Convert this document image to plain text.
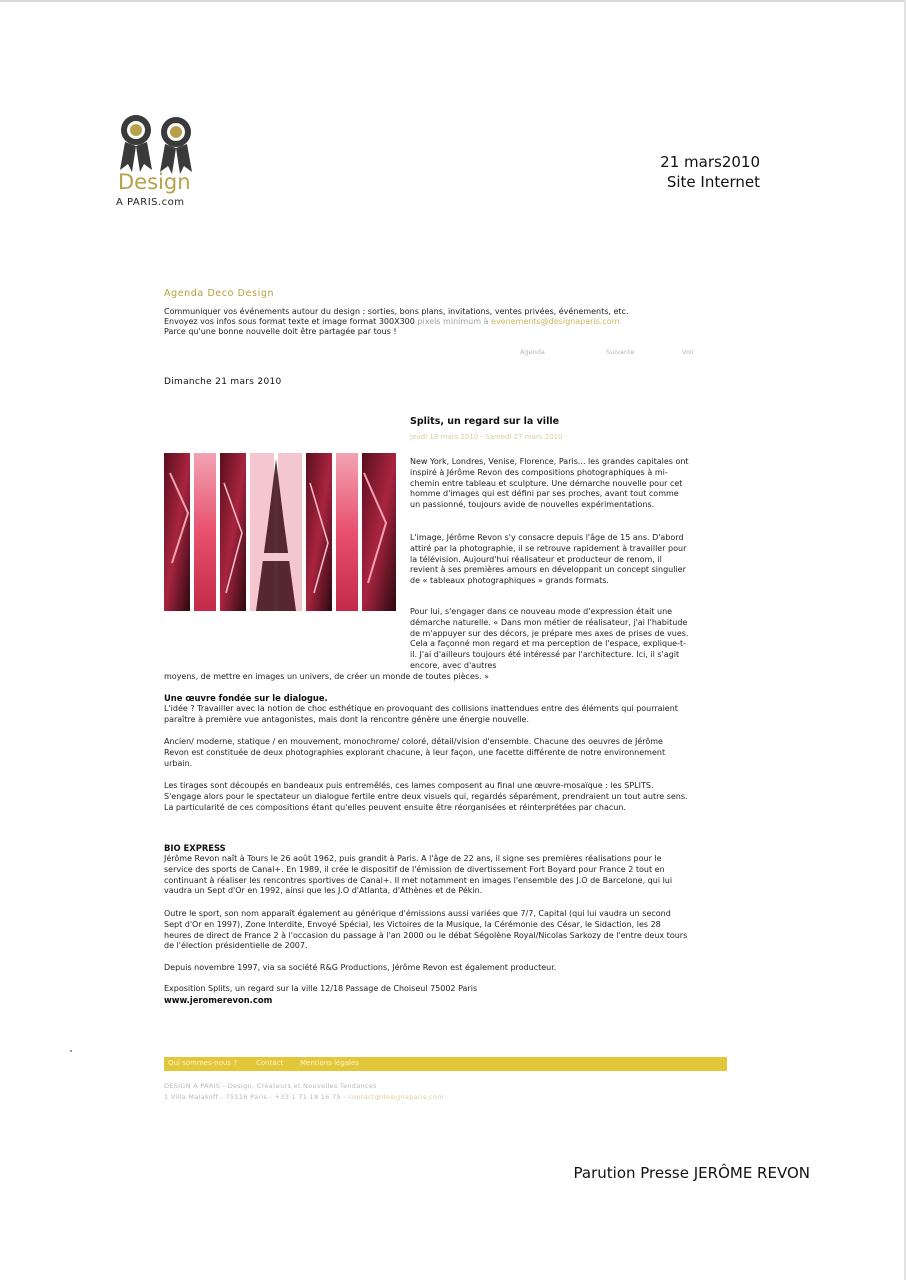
Design
A PARIS.com
21 mars2010
Site Internet
Agenda Deco Design
Communiquer vos événements autour du design : sorties, bons plans, invitations, ventes privées, événements, etc.
Envoyez vos infos sous format texte et image format 300X300 pixels minimum à evenements@designaparis.com
Parce qu'une bonne nouvelle doit être partagée par tous !
Agenda	Suivante	Voir
Dimanche 21 mars 2010
Splits, un regard sur la ville
Jeudi 18 mars 2010 - Samedi 27 mars 2010
New York, Londres, Venise, Florence, Paris... les grandes capitales ont inspiré à Jérôme Revon des compositions photographiques à mi-chemin entre tableau et sculpture. Une démarche nouvelle pour cet homme d'images qui est défini par ses proches, avant tout comme un passionné, toujours avide de nouvelles expérimentations.
L'image, Jérôme Revon s'y consacre depuis l'âge de 15 ans. D'abord attiré par la photographie, il se retrouve rapidement à travailler pour la télévision. Aujourd'hui réalisateur et producteur de renom, il revient à ses premières amours en développant un concept singulier de « tableaux photographiques » grands formats.
Pour lui, s'engager dans ce nouveau mode d'expression était une démarche naturelle. « Dans mon métier de réalisateur, j'ai l'habitude de m'appuyer sur des décors, je prépare mes axes de prises de vues. Cela a façonné mon regard et ma perception de l'espace, explique-t-il. J'ai d'ailleurs toujours été intéressé par l'architecture. Ici, il s'agit encore, avec d'autres
moyens, de mettre en images un univers, de créer un monde de toutes pièces. »
Une œuvre fondée sur le dialogue.
L'idée ? Travailler avec la notion de choc esthétique en provoquant des collisions inattendues entre des éléments qui pourraient paraître à première vue antagonistes, mais dont la rencontre génère une énergie nouvelle.
Ancien/ moderne, statique / en mouvement, monochrome/ coloré, détail/vision d'ensemble. Chacune des oeuvres de Jérôme Revon est constituée de deux photographies explorant chacune, à leur façon, une facette différente de notre environnement urbain.
Les tirages sont découpés en bandeaux puis entremêlés, ces lames composent au final une œuvre-mosaïque : les SPLITS. S'engage alors pour le spectateur un dialogue fertile entre deux visuels qui, regardés séparément, prendraient un tout autre sens. La particularité de ces compositions étant qu'elles peuvent ensuite être réorganisées et réinterprétées par chacun.
BIO EXPRESS
Jérôme Revon naît à Tours le 26 août 1962, puis grandit à Paris. A l'âge de 22 ans, il signe ses premières réalisations pour le service des sports de Canal+. En 1989, il crée le dispositif de l'émission de divertissement Fort Boyard pour France 2 tout en continuant à réaliser les rencontres sportives de Canal+. Il met notamment en images l'ensemble des J.O de Barcelone, qui lui vaudra un Sept d'Or en 1992, ainsi que les J.O d'Atlanta, d'Athènes et de Pékin.
Outre le sport, son nom apparaît également au générique d'émissions aussi variées que 7/7, Capital (qui lui vaudra un second Sept d'Or en 1997), Zone Interdite, Envoyé Spécial, les Victoires de la Musique, la Cérémonie des César, le Sidaction, les 28 heures de direct de France 2 à l'occasion du passage à l'an 2000 ou le débat Ségolène Royal/Nicolas Sarkozy de l'entre deux tours de l'élection présidentielle de 2007.
Depuis novembre 1997, via sa société R&G Productions, Jérôme Revon est également producteur.
Exposition Splits, un regard sur la ville 12/18 Passage de Choiseul 75002 Paris
www.jeromerevon.com
Qui sommes-nous ?	Contact Mentions légales
DESIGN A PARIS - Design, Créateurs et Nouvelles Tendances
1 Villa Malakoff - 75116 Paris - +33 1 71 18 16 75 - contact@designaparis.com
Parution Presse JERÔME REVON
